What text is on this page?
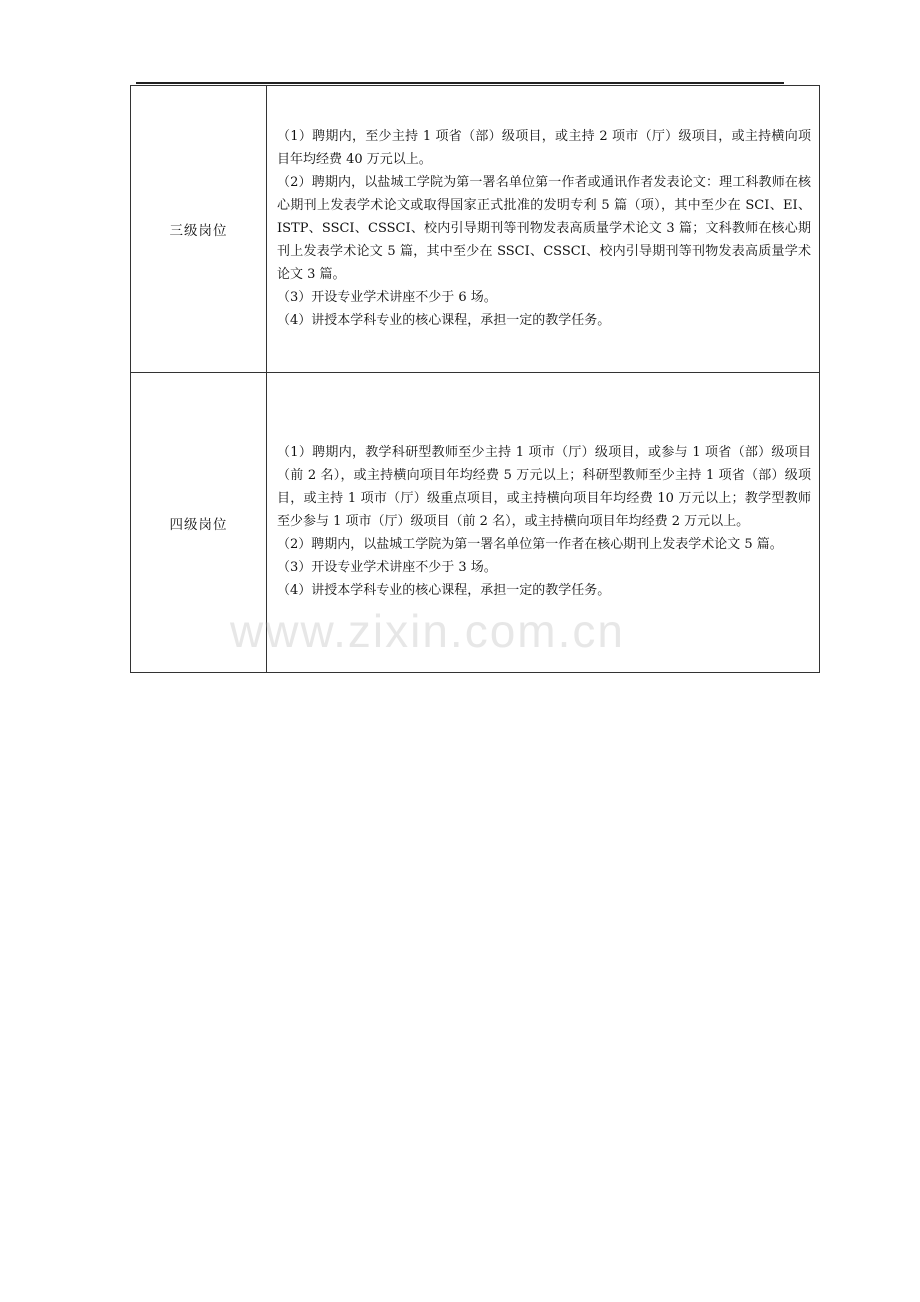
三级岗位	（1）聘期内，至少主持 1 项省（部）级项目，或主持 2 项市（厅）级项目，或主持横向项目年均经费 40 万元以上。

（2）聘期内，以盐城工学院为第一署名单位第一作者或通讯作者发表论文：理工科教师在核心期刊上发表学术论文或取得国家正式批准的发明专利 5 篇（项），其中至少在 SCI、EI、ISTP、SSCI、CSSCI、校内引导期刊等刊物发表高质量学术论文 3 篇；文科教师在核心期刊上发表学术论文 5 篇，其中至少在 SSCI、CSSCI、校内引导期刊等刊物发表高质量学术论文 3 篇。

（3）开设专业学术讲座不少于 6 场。

（4）讲授本学科专业的核心课程，承担一定的教学任务。

四级岗位	（1）聘期内，教学科研型教师至少主持 1 项市（厅）级项目，或参与 1 项省（部）级项目（前 2 名），或主持横向项目年均经费 5 万元以上；科研型教师至少主持 1 项省（部）级项目，或主持 1 项市（厅）级重点项目，或主持横向项目年均经费 10 万元以上；教学型教师至少参与 1 项市（厅）级项目（前 2 名），或主持横向项目年均经费 2 万元以上。

（2）聘期内，以盐城工学院为第一署名单位第一作者在核心期刊上发表学术论文 5 篇。

（3）开设专业学术讲座不少于 3 场。

（4）讲授本学科专业的核心课程，承担一定的教学任务。

www.zixin.com.cn
